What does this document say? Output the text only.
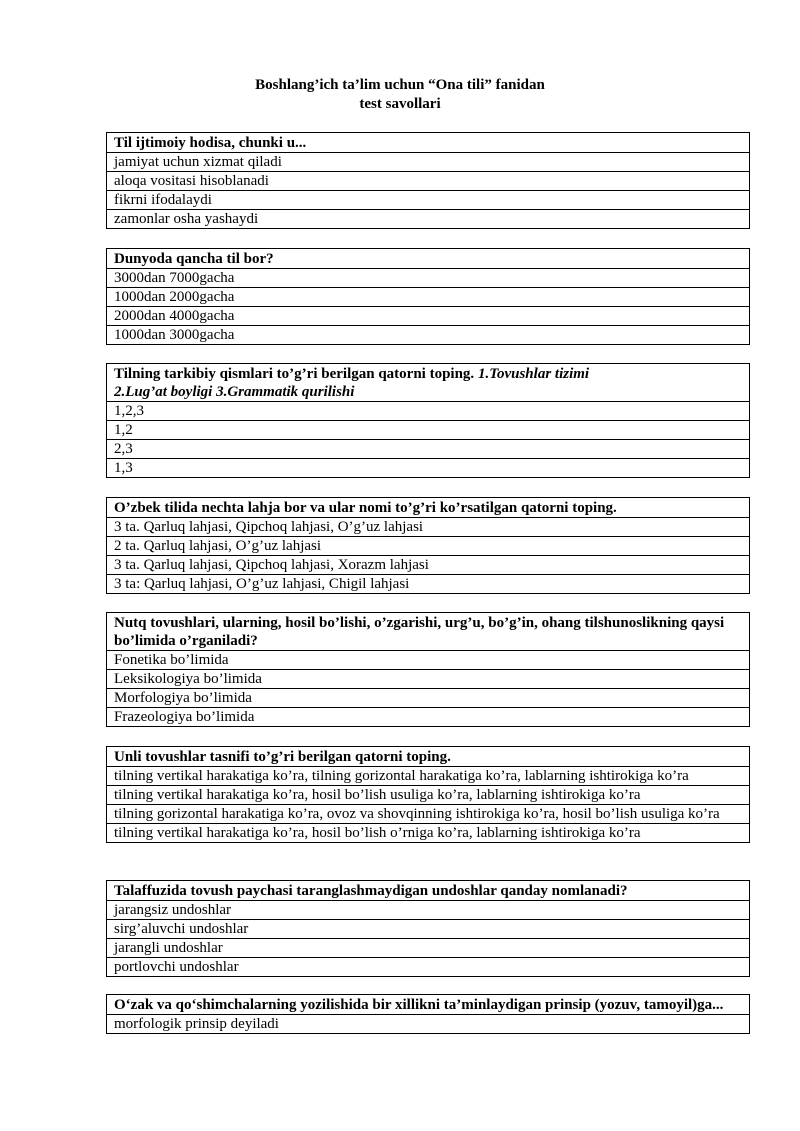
Boshlang’ich ta’lim uchun “Ona tili” fanidan
test savollari
Til ijtimoiy hodisa, chunki u...
jamiyat uchun xizmat qiladi
aloqa vositasi hisoblanadi
fikrni ifodalaydi
zamonlar osha yashaydi
Dunyoda qancha til bor?
3000dan 7000gacha
1000dan 2000gacha
2000dan 4000gacha
1000dan 3000gacha
Tilning tarkibiy qismlari to’g’ri berilgan qatorni toping. 1.Tovushlar tizimi
2.Lug’at boyligi 3.Grammatik qurilishi
1,2,3
1,2
2,3
1,3
O’zbek tilida nechta lahja bor va ular nomi to’g’ri ko’rsatilgan qatorni toping.
3 ta. Qarluq lahjasi, Qipchoq lahjasi, O’g’uz lahjasi
2 ta. Qarluq lahjasi, O’g’uz lahjasi
3 ta. Qarluq lahjasi, Qipchoq lahjasi, Xorazm lahjasi
3 ta: Qarluq lahjasi, O’g’uz lahjasi, Chigil lahjasi
Nutq tovushlari, ularning, hosil bo’lishi, o’zgarishi, urg’u, bo’g’in, ohang tilshunoslikning qaysi bo’limida o’rganiladi?
Fonetika bo’limida
Leksikologiya bo’limida
Morfologiya bo’limida
Frazeologiya bo’limida
Unli tovushlar tasnifi to’g’ri berilgan qatorni toping.
tilning vertikal harakatiga ko’ra, tilning gorizontal harakatiga ko’ra, lablarning ishtirokiga ko’ra
tilning vertikal harakatiga ko’ra, hosil bo’lish usuliga ko’ra, lablarning ishtirokiga ko’ra
tilning gorizontal harakatiga ko’ra, ovoz va shovqinning ishtirokiga ko’ra, hosil bo’lish usuliga ko’ra
tilning vertikal harakatiga ko’ra, hosil bo’lish o’rniga ko’ra, lablarning ishtirokiga ko’ra
Talaffuzida tovush paychasi taranglashmaydigan undoshlar qanday nomlanadi?
jarangsiz undoshlar
sirg’aluvchi undoshlar
jarangli undoshlar
portlovchi undoshlar
O‘zak va qo‘shimchalarning yozilishida bir xillikni ta’minlaydigan prinsip (yozuv, tamoyil)ga...
morfologik prinsip deyiladi
